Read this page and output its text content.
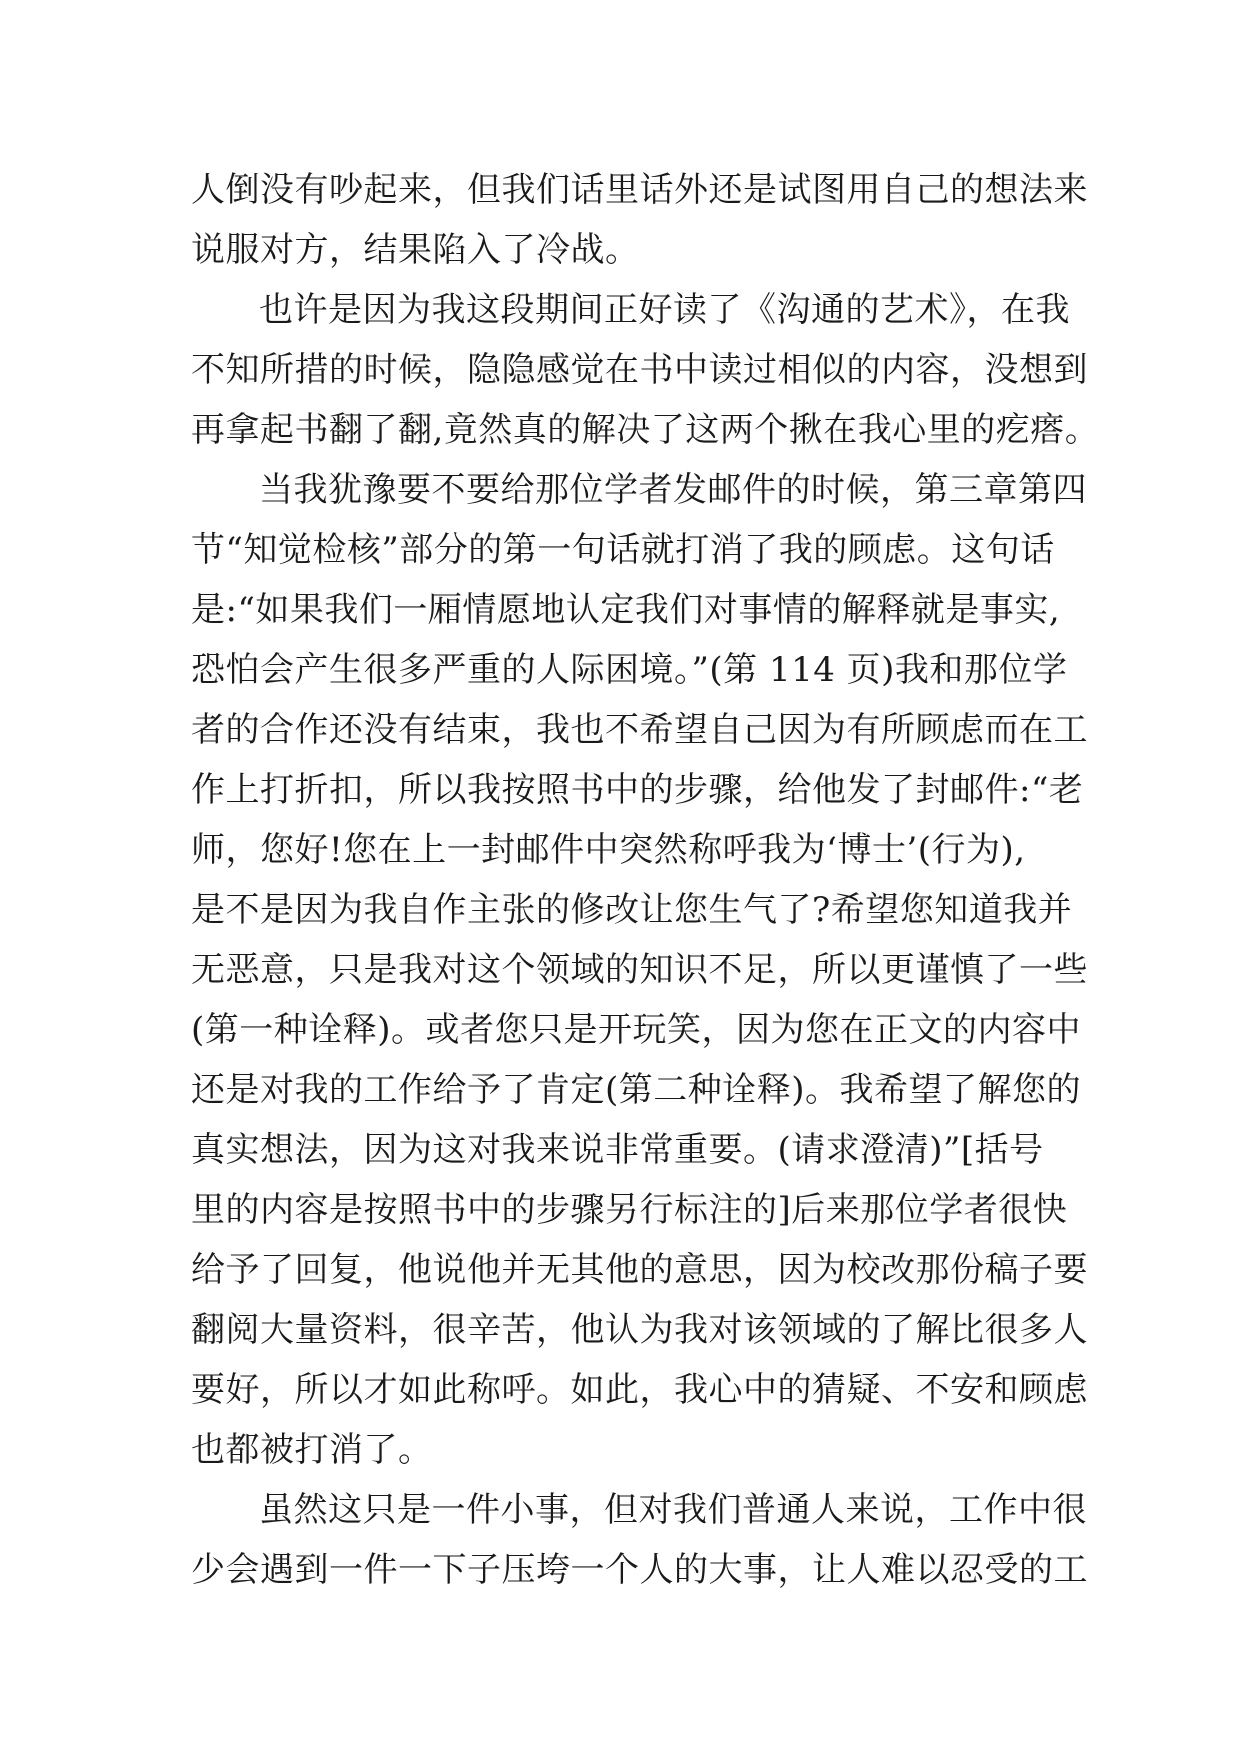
人倒没有吵起来，但我们话里话外还是试图用自己的想法来
说服对方，结果陷入了冷战。
也许是因为我这段期间正好读了《沟通的艺术》，在我
不知所措的时候，隐隐感觉在书中读过相似的内容，没想到
再拿起书翻了翻,竟然真的解决了这两个揪在我心里的疙瘩。
当我犹豫要不要给那位学者发邮件的时候，第三章第四
节“知觉检核”部分的第一句话就打消了我的顾虑。这句话
是:“如果我们一厢情愿地认定我们对事情的解释就是事实,
恐怕会产生很多严重的人际困境。”(第 114 页)我和那位学
者的合作还没有结束，我也不希望自己因为有所顾虑而在工
作上打折扣，所以我按照书中的步骤，给他发了封邮件:“老
师，您好!您在上一封邮件中突然称呼我为‘博士’(行为),
是不是因为我自作主张的修改让您生气了?希望您知道我并
无恶意，只是我对这个领域的知识不足，所以更谨慎了一些
(第一种诠释)。或者您只是开玩笑，因为您在正文的内容中
还是对我的工作给予了肯定(第二种诠释)。我希望了解您的
真实想法，因为这对我来说非常重要。(请求澄清)”[括号
里的内容是按照书中的步骤另行标注的]后来那位学者很快
给予了回复，他说他并无其他的意思，因为校改那份稿子要
翻阅大量资料，很辛苦，他认为我对该领域的了解比很多人
要好，所以才如此称呼。如此，我心中的猜疑、不安和顾虑
也都被打消了。
虽然这只是一件小事，但对我们普通人来说，工作中很
少会遇到一件一下子压垮一个人的大事，让人难以忍受的工
